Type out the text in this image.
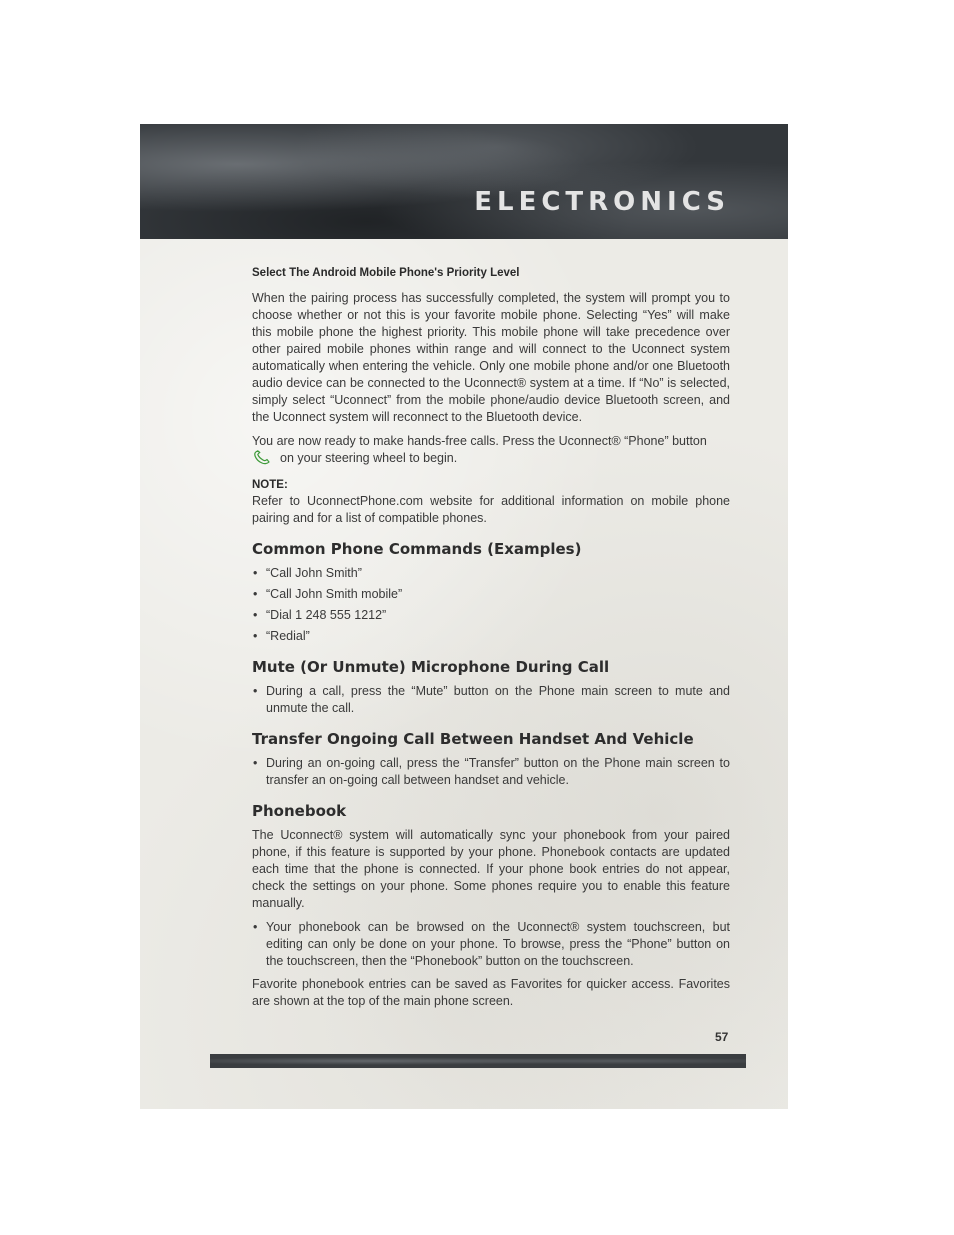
ELECTRONICS
Select The Android Mobile Phone's Priority Level

When the pairing process has successfully completed, the system will prompt you to choose whether or not this is your favorite mobile phone. Selecting “Yes” will make this mobile phone the highest priority. This mobile phone will take precedence over other paired mobile phones within range and will connect to the Uconnect system automatically when entering the vehicle. Only one mobile phone and/or one Bluetooth audio device can be connected to the Uconnect® system at a time. If “No” is selected, simply select “Uconnect” from the mobile phone/audio device Bluetooth screen, and the Uconnect system will reconnect to the Bluetooth device.

You are now ready to make hands-free calls. Press the Uconnect® “Phone” button
on your steering wheel to begin.

NOTE:

Refer to UconnectPhone.com website for additional information on mobile phone pairing and for a list of compatible phones.

Common Phone Commands (Examples)
• “Call John Smith”
• “Call John Smith mobile”
• “Dial 1 248 555 1212”
• “Redial”
Mute (Or Unmute) Microphone During Call
• During a call, press the “Mute” button on the Phone main screen to mute and unmute the call.
Transfer Ongoing Call Between Handset And Vehicle
• During an on-going call, press the “Transfer” button on the Phone main screen to transfer an on-going call between handset and vehicle.
Phonebook

The Uconnect® system will automatically sync your phonebook from your paired phone, if this feature is supported by your phone. Phonebook contacts are updated each time that the phone is connected. If your phone book entries do not appear, check the settings on your phone. Some phones require you to enable this feature manually.

• Your phonebook can be browsed on the Uconnect® system touchscreen, but editing can only be done on your phone. To browse, press the “Phone” button on the touchscreen, then the “Phonebook” button on the touchscreen.

Favorite phonebook entries can be saved as Favorites for quicker access. Favorites are shown at the top of the main phone screen.

57
